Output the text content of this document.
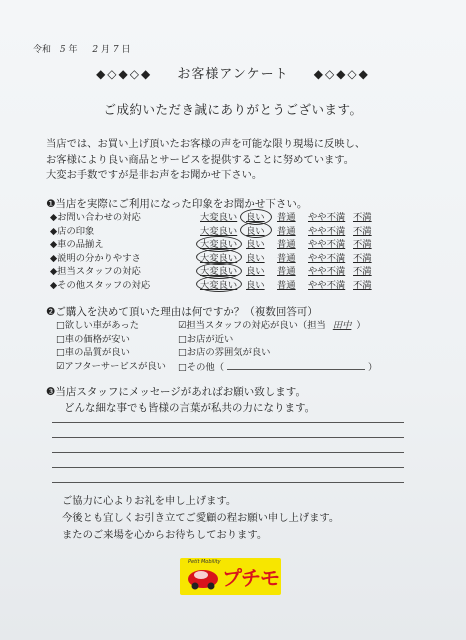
令和 5 年 2 月 7 日
◆◇◆◇◆ お客様アンケート ◆◇◆◇◆
ご成約いただき誠にありがとうございます。
当店では、お買い上げ頂いたお客様の声を可能な限り現場に反映し、
お客様により良い商品とサービスを提供することに努めています。
大変お手数ですが是非お声をお聞かせ下さい。
❶当店を実際にご利用になった印象をお聞かせ下さい。
◆お問い合わせの対応	大変良い 良い 普通 やや不満 不満
◆店の印象	大変良い 良い 普通 やや不満 不満
◆車の品揃え	大変良い 良い 普通 やや不満 不満
◆説明の分かりやすさ	大変良い 良い 普通 やや不満 不満
◆担当スタッフの対応	大変良い 良い 普通 やや不満 不満
◆その他スタッフの対応	大変良い 良い 普通 やや不満 不満
❷ご購入を決めて頂いた理由は何ですか？（複数回答可）
□欲しい車があった
□車の価格が安い
□車の品質が良い
☑アフターサービスが良い
☑担当スタッフの対応が良い（担当 田中 ）
□お店が近い
□お店の雰囲気が良い
□その他（	）
❸当店スタッフにメッセージがあればお願い致します。
どんな細な事でも皆様の言葉が私共の力になります。
ご協力に心よりお礼を申し上げます。
今後とも宜しくお引き立てご愛顧の程お願い申し上げます。
またのご来場を心からお待ちしております。
Petit Mobility
プチモ
